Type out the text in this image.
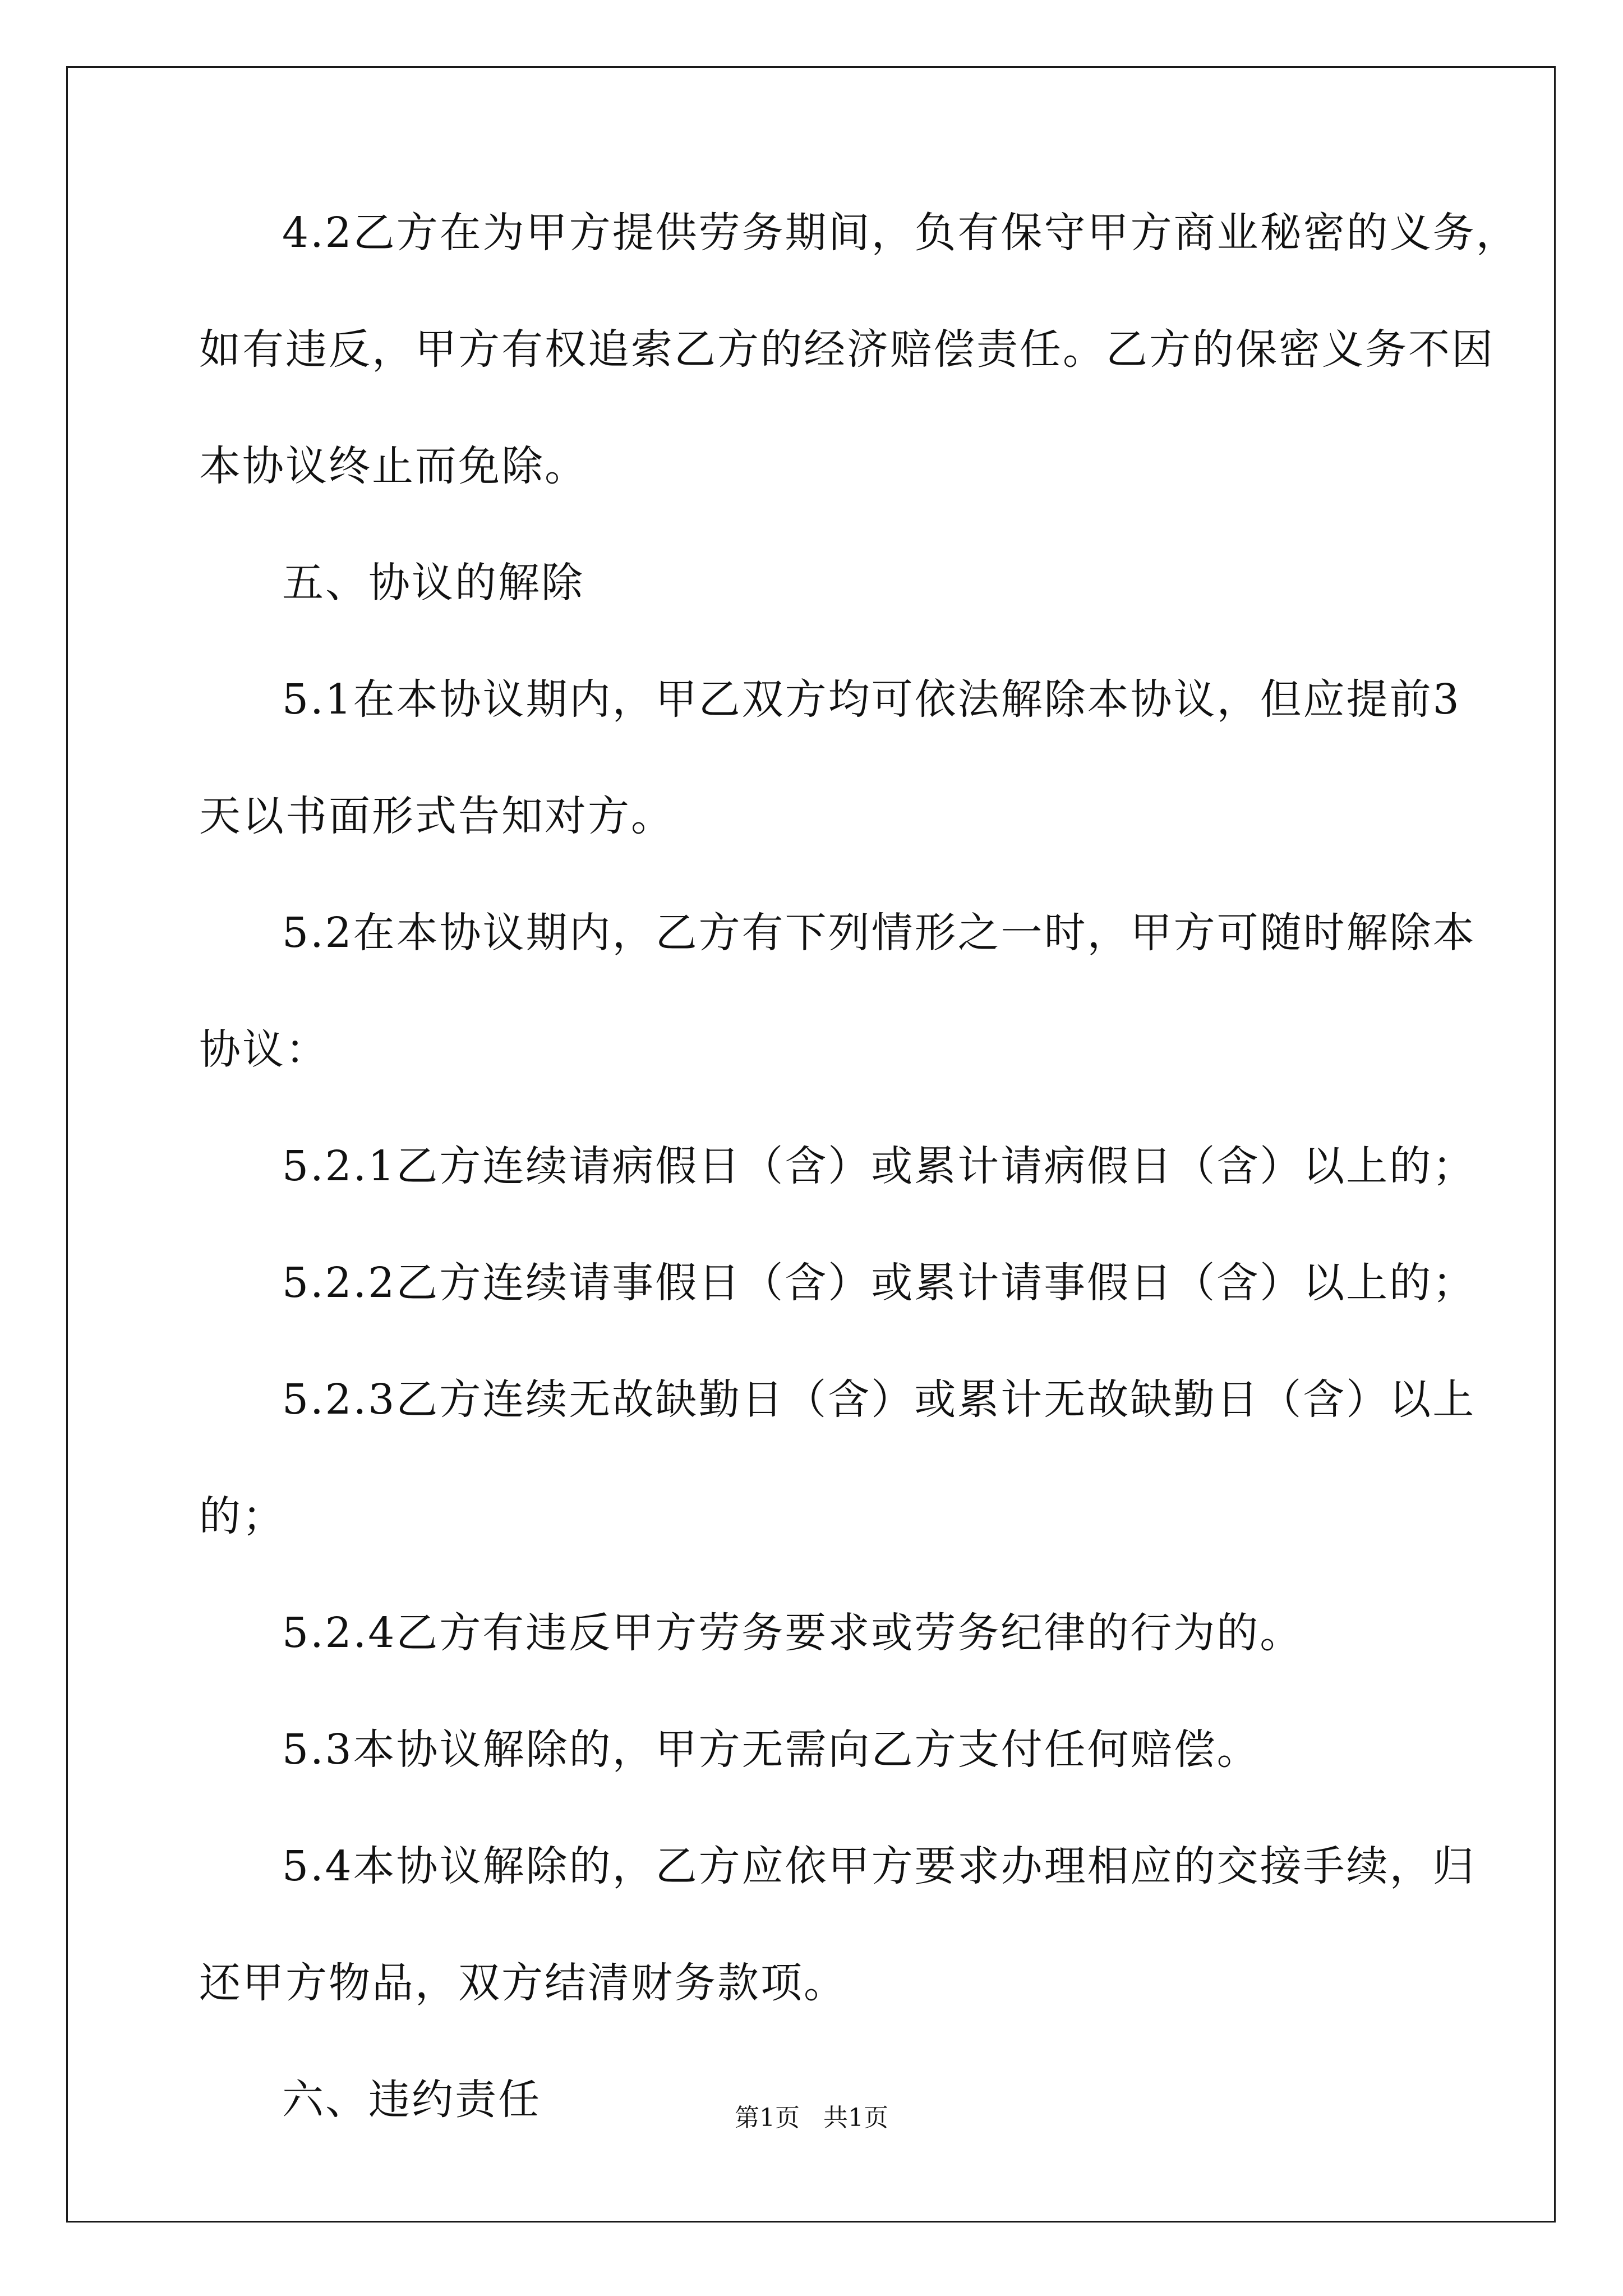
4.2乙方在为甲方提供劳务期间，负有保守甲方商业秘密的义务，
如有违反，甲方有权追索乙方的经济赔偿责任。乙方的保密义务不因
本协议终止而免除。
五、协议的解除
5.1在本协议期内，甲乙双方均可依法解除本协议，但应提前3
天以书面形式告知对方。
5.2在本协议期内，乙方有下列情形之一时，甲方可随时解除本
协议：
5.2.1乙方连续请病假日（含）或累计请病假日（含）以上的；
5.2.2乙方连续请事假日（含）或累计请事假日（含）以上的；
5.2.3乙方连续无故缺勤日（含）或累计无故缺勤日（含）以上
的；
5.2.4乙方有违反甲方劳务要求或劳务纪律的行为的。
5.3本协议解除的，甲方无需向乙方支付任何赔偿。
5.4本协议解除的，乙方应依甲方要求办理相应的交接手续，归
还甲方物品，双方结清财务款项。
六、违约责任	第1页   共1页
